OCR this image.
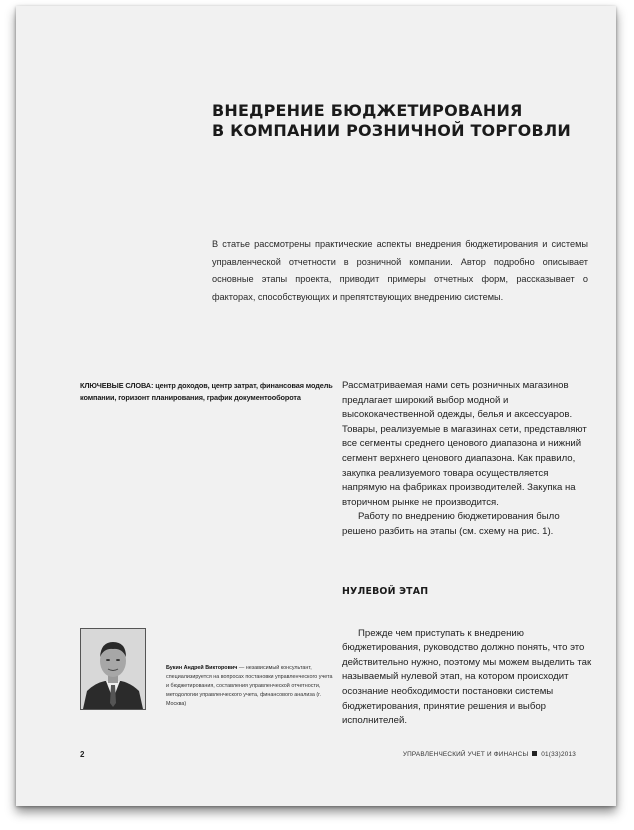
ВНЕДРЕНИЕ БЮДЖЕТИРОВАНИЯ
В КОМПАНИИ РОЗНИЧНОЙ ТОРГОВЛИ

В статье рассмотрены практические аспекты внедрения бюджетирования и системы управленческой отчетности в розничной компании. Автор подробно описывает основные этапы проекта, приводит примеры отчетных форм, рассказывает о факторах, способствующих и препятствующих внедрению системы.

КЛЮЧЕВЫЕ СЛОВА: центр доходов, центр затрат, финансовая модель компании, горизонт планирования, график документооборота

Рассматриваемая нами сеть розничных магазинов предлагает широкий выбор модной и высококачественной одежды, белья и аксессуаров. Товары, реализуемые в магазинах сети, представляют все сегменты среднего ценового диапазона и нижний сегмент верхнего ценового диапазона. Как правило, закупка реализуемого товара осуществляется напрямую на фабриках производителей. Закупка на вторичном рынке не производится.

Работу по внедрению бюджетирования было решено разбить на этапы (см. схему на рис. 1).

НУЛЕВОЙ ЭТАП

Прежде чем приступать к внедрению бюджетирования, руководство должно понять, что это действительно нужно, поэтому мы можем выделить так называемый нулевой этап, на котором происходит осознание необходимости постановки системы бюджетирования, принятие решения и выбор исполнителей.

Букин Андрей Викторович — независимый консультант, специализируется на вопросах постановки управленческого учета и бюджетирования, составления управленческой отчетности, методологии управленческого учета, финансового анализа (г. Москва)

2	УПРАВЛЕНЧЕСКИЙ УЧЕТ И ФИНАНСЫ 01(33)2013
